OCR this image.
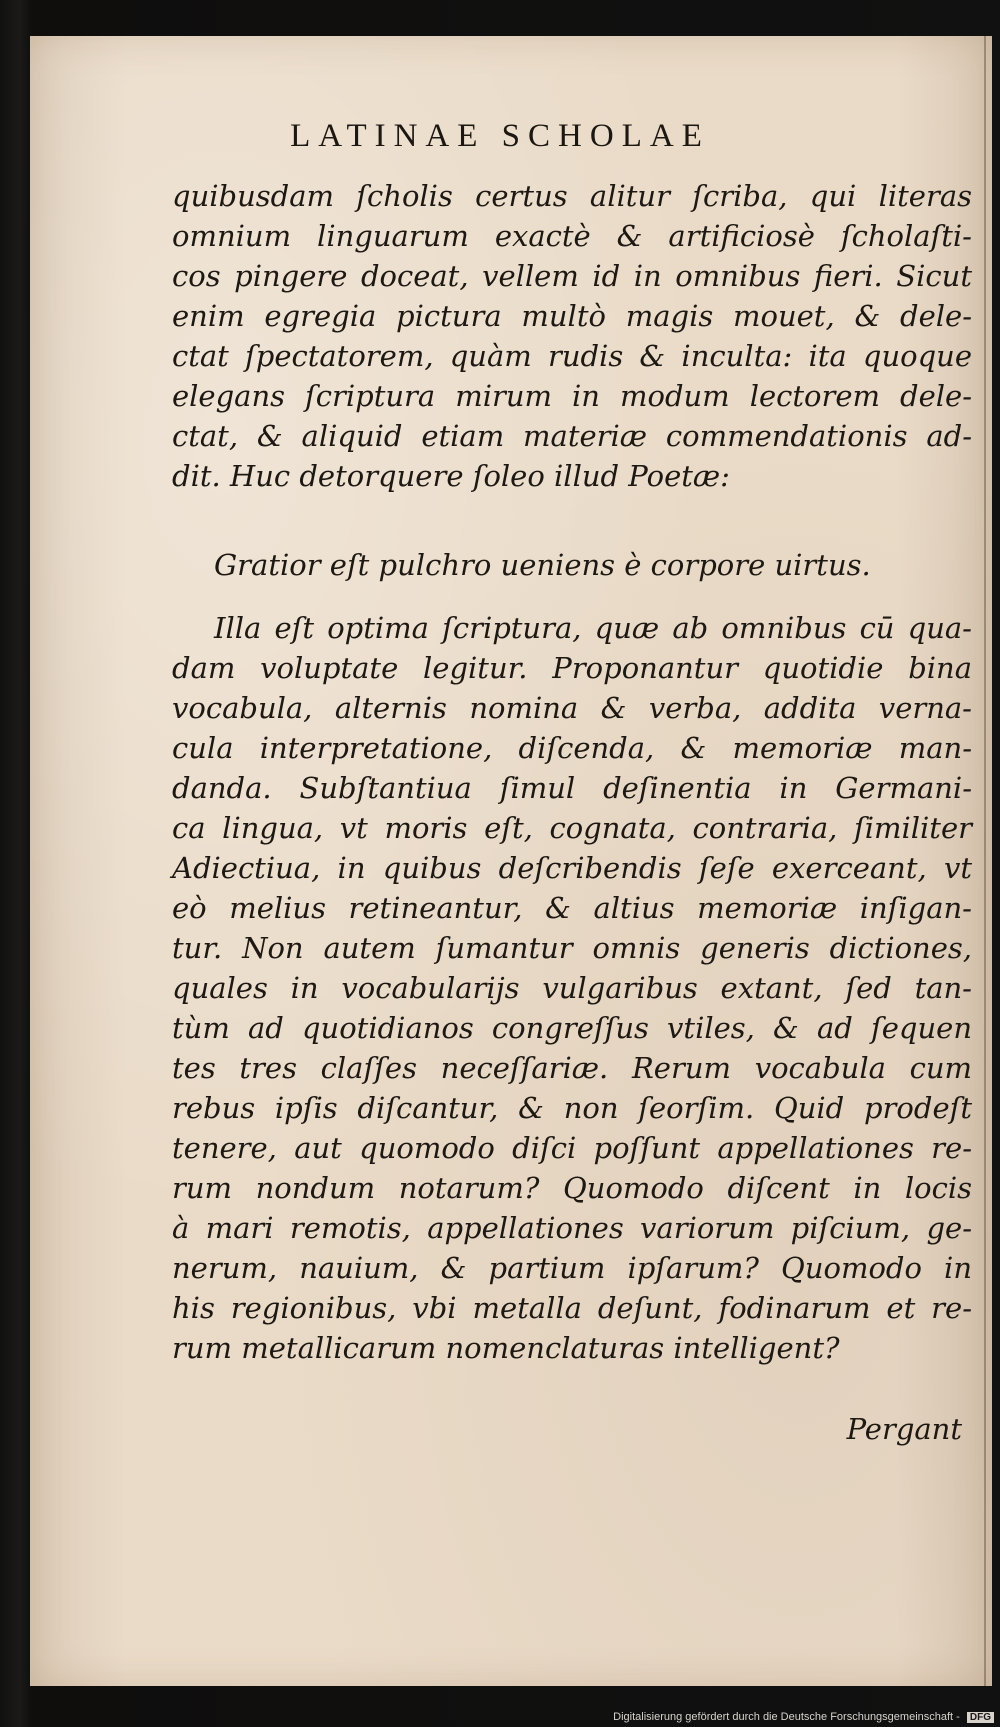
LATINAE SCHOLAE
quibusdam ſcholis certus alitur ſcriba, qui literas
omnium linguarum exactè & artificiosè ſcholaſti-
cos pingere doceat, vellem id in omnibus fieri. Sicut
enim egregia pictura multò magis mouet, & dele-
ctat ſpectatorem, quàm rudis & inculta: ita quoque
elegans ſcriptura mirum in modum lectorem dele-
ctat, & aliquid etiam materiæ commendationis ad-
dit. Huc detorquere ſoleo illud Poetæ:
Gratior eſt pulchro ueniens è corpore uirtus.
Illa eſt optima ſcriptura, quæ ab omnibus cū qua-
dam voluptate legitur. Proponantur quotidie bina
vocabula, alternis nomina & verba, addita verna-
cula interpretatione, diſcenda, & memoriæ man-
danda. Subſtantiua ſimul deſinentia in Germani-
ca lingua, vt moris eſt, cognata, contraria, ſimiliter
Adiectiua, in quibus deſcribendis ſeſe exerceant, vt
eò melius retineantur, & altius memoriæ inſigan-
tur. Non autem ſumantur omnis generis dictiones,
quales in vocabularijs vulgaribus extant, ſed tan-
tùm ad quotidianos congreſſus vtiles, & ad ſequen
tes tres claſſes neceſſariæ. Rerum vocabula cum
rebus ipſis diſcantur, & non ſeorſim. Quid prodeſt
tenere, aut quomodo diſci poſſunt appellationes re-
rum nondum notarum? Quomodo diſcent in locis
à mari remotis, appellationes variorum piſcium, ge-
nerum, nauium, & partium ipſarum? Quomodo in
his regionibus, vbi metalla deſunt, fodinarum et re-
rum metallicarum nomenclaturas intelligent?
Pergant
Digitalisierung gefördert durch die Deutsche Forschungsgemeinschaft - DFG
